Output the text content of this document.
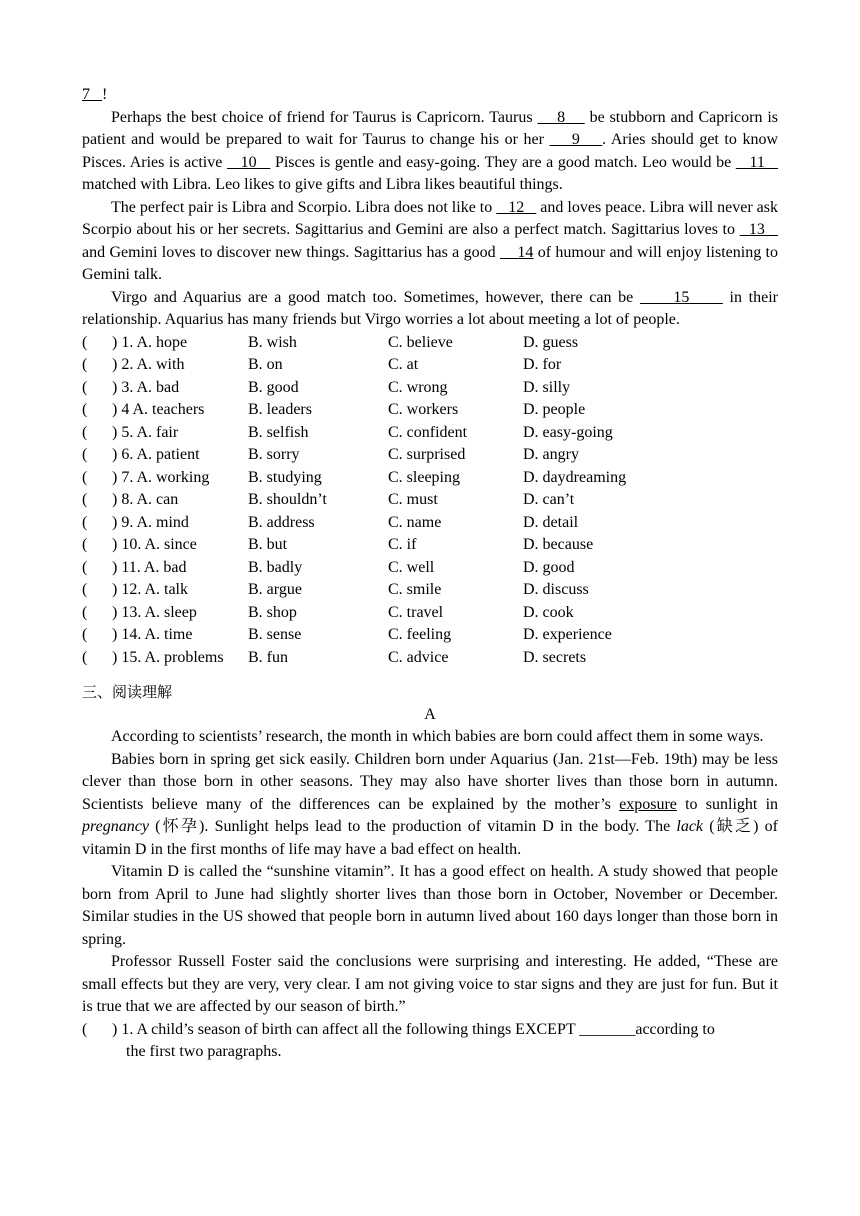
7 !

Perhaps the best choice of friend for Taurus is Capricorn. Taurus     8     be stubborn and Capricorn is patient and would be prepared to wait for Taurus to change his or her     9 . Aries should get to know Pisces. Aries is active    10    Pisces is gentle and easy-going. They are a good match. Leo would be    11    matched with Libra. Leo likes to give gifts and Libra likes beautiful things.

The perfect pair is Libra and Scorpio. Libra does not like to    12    and loves peace. Libra will never ask Scorpio about his or her secrets. Sagittarius and Gemini are also a perfect match. Sagittarius loves to   13    and Gemini loves to discover new things. Sagittarius has a good     14 of humour and will enjoy listening to Gemini talk.

Virgo and Aquarius are a good match too. Sometimes, however, there can be      15      in their relationship. Aquarius has many friends but Virgo worries a lot about meeting a lot of people.

( ) 1. A. hope	B. wish	C. believe	D. guess
( ) 2. A. with	B. on	C. at	D. for
( ) 3. A. bad	B. good	C. wrong	D. silly
( ) 4 A. teachers	B. leaders	C. workers	D. people
( ) 5. A. fair	B. selfish	C. confident	D. easy-going
( ) 6. A. patient	B. sorry	C. surprised	D. angry
( ) 7. A. working B. studying	C. sleeping	D. daydreaming
( ) 8. A. can	B. shouldn’t	C. must	D. can’t
( ) 9. A. mind	B. address	C. name	D. detail
( ) 10. A. since	B. but	C. if	D. because
( ) 11. A. bad	B. badly	C. well	D. good
( ) 12. A. talk	B. argue	C. smile	D. discuss
( ) 13. A. sleep	B. shop	C. travel	D. cook
( ) 14. A. time	B. sense	C. feeling	D. experience
( ) 15. A. problems B. fun	C. advice	D. secrets
三、阅读理解
A

According to scientists’ research, the month in which babies are born could affect them in some ways.

Babies born in spring get sick easily. Children born under Aquarius (Jan. 21st—Feb. 19th) may be less clever than those born in other seasons. They may also have shorter lives than those born in autumn. Scientists believe many of the differences can be explained by the mother’s exposure to sunlight in pregnancy (怀孕). Sunlight helps lead to the production of vitamin D in the body. The lack (缺乏) of vitamin D in the first months of life may have a bad effect on health.

Vitamin D is called the “sunshine vitamin”. It has a good effect on health. A study showed that people born from April to June had slightly shorter lives than those born in October, November or December. Similar studies in the US showed that people born in autumn lived about 160 days longer than those born in spring.

Professor Russell Foster said the conclusions were surprising and interesting. He added, “These are small effects but they are very, very clear. I am not giving voice to star signs and they are just for fun. But it is true that we are affected by our season of birth.”

(	) 1. A child’s season of birth can affect all the following things EXCEPT _______according to
the first two paragraphs.
